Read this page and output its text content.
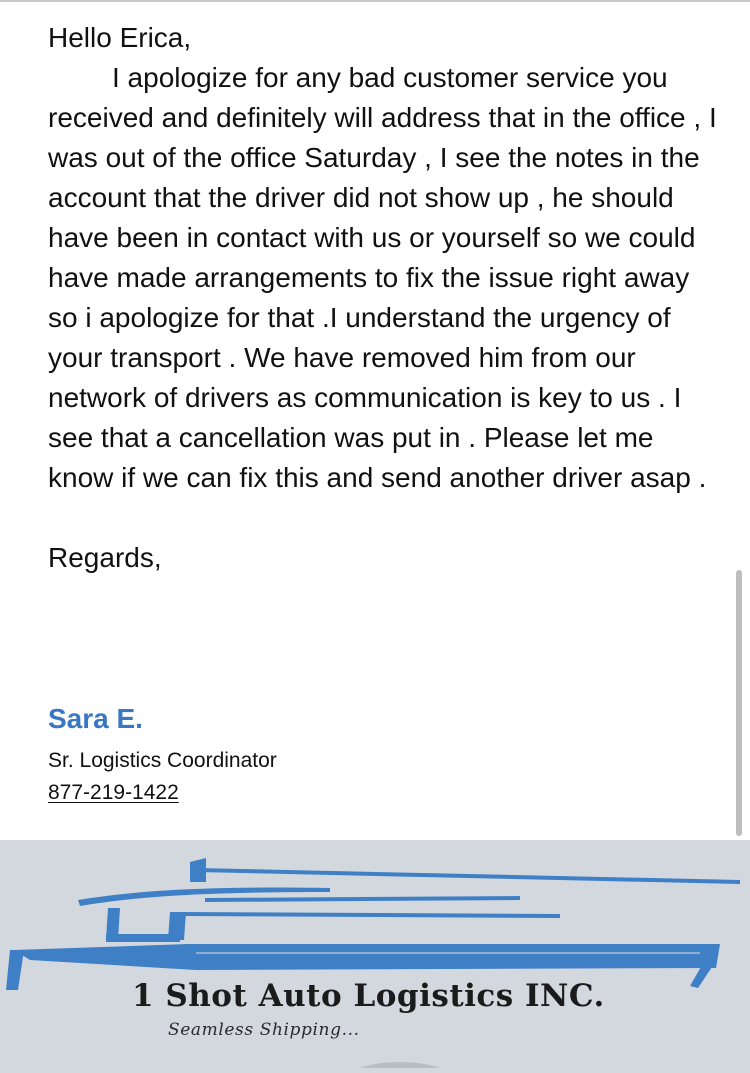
Hello Erica,

I apologize for any bad customer service you received and definitely will address that in the office , I was out of the office Saturday , I see the notes in the account that the driver did not show up , he should have been in contact with us or yourself so we could have made arrangements to fix the issue right away so i apologize for that .I understand the urgency of your transport . We have removed him from our network of drivers as communication is key to us . I see that a cancellation was put in . Please let me know if we can fix this and send another driver asap .

Regards,

Sara E.

Sr. Logistics Coordinator
877-219-1422
1 Shot Auto Logistics INC.
Seamless Shipping...
